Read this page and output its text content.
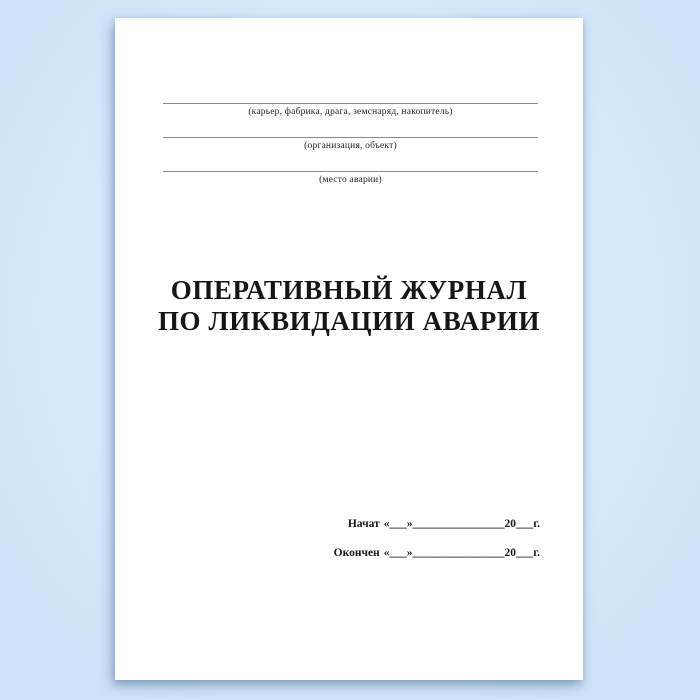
(карьер, фабрика, драга, земснаряд, накопитель)
(организация, объект)
(место аварии)
ОПЕРАТИВНЫЙ ЖУРНАЛ
ПО ЛИКВИДАЦИИ АВАРИИ
Начат «___»________________20___г.
Окончен «___»________________20___г.
